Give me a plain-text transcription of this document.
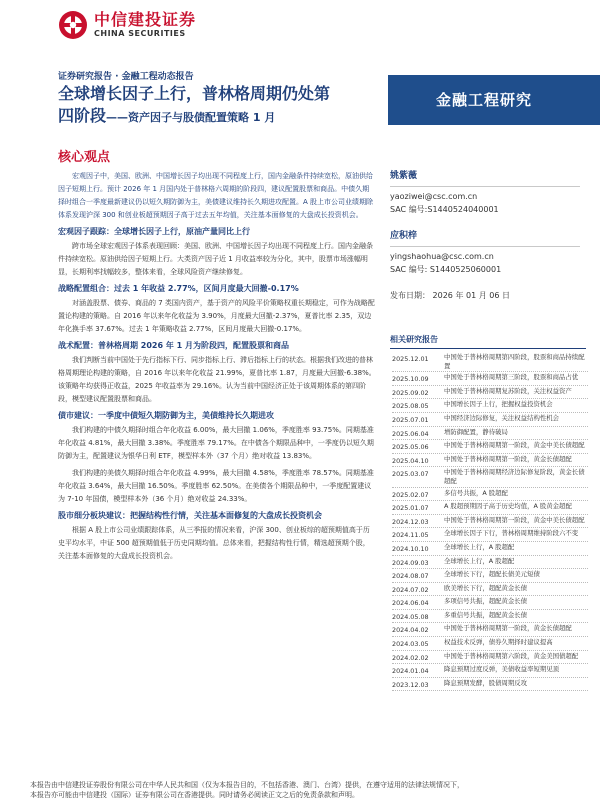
中信建投证券
CHINA SECURITIES
证券研究报告 · 金融工程动态报告
全球增长因子上行，普林格周期仍处第
四阶段——资产因子与股债配置策略 1 月
金融工程研究
核心观点

宏观因子中，美国、欧洲、中国增长因子均出现不同程度上行，国内金融条件持续宽松，原油供给因子短期上行。预计 2026 年 1 月国内处于普林格六周期的阶段四，建议配置股票和商品。中债久期择时组合一季度最新建议仍以短久期防御为主，美债建议维持长久期进攻配置。A 股上市公司业绩期除体系发现沪深 300 和创业板超预期因子高于过去五年均值，关注基本面修复的大盘成长投资机会。

宏观因子跟踪：全球增长因子上行，原油产量同比上行

跨市场全球宏观因子体系表现回顾：美国、欧洲、中国增长因子均出现不同程度上行。国内金融条件持续宽松。原油供给因子短期上行。大类资产因子近 1 月收益率较为分化，其中，股票市场涨幅明显，长期利率找幅较多，整体来看，全球风险资产继续修复。

战略配置组合：过去 1 年收益 2.77%，区间月度最大回撤-0.17%

对涵盖股票、债券、商品的 7 类国内资产，基于资产的风险平价策略权重长期稳定，可作为战略配置论构建的策略。自 2016 年以来年化收益为 3.90%，月度最大回撤-2.37%，夏普比率 2.35，双边年化换手率 37.67%。过去 1 年策略收益 2.77%，区间月度最大回撤-0.17%。

战术配置：普林格周期 2026 年 1 月为阶段四，配置股票和商品

我们判断当前中国处于先行指标下行、同步指标上行、滞后指标上行的状态。根据我们改进的普林格周期理论构建的策略，自 2016 年以来年化收益 21.99%，夏普比率 1.87，月度最大回撤-6.38%。该策略年均获得正收益，2025 年收益率为 29.16%。认为当前中国经济正处于该周期体系的第四阶段，模型建议配置股票和商品。

债市建议：一季度中债短久期防御为主，美债维持长久期进攻

我们构建的中债久期择时组合年化收益 6.00%，最大回撤 1.06%，季度胜率 93.75%。同期基准年化收益 4.81%，最大回撤 3.38%。季度胜率 79.17%。在中债各个期限品种中，一季度仍以短久期防御为主，配置建议为银华日利 ETF，模型样本外（37 个月）绝对收益 13.83%。

我们构建的美债久期择时组合年化收益 4.99%，最大回撤 4.58%，季度胜率 78.57%。同期基准年化收益 3.64%，最大回撤 16.50%。季度胜率 62.50%。在美债各个期限品种中，一季度配置建议为 7-10 年国债，模型样本外（36 个月）绝对收益 24.33%。

股市细分板块建议：把握结构性行情，关注基本面修复的大盘成长投资机会

根据 A 股上市公司业绩跟踪体系，从三季报的情况来看，沪深 300、创业板综的超预期值高于历史平均水平，中证 500 超预期值低于历史同期均值。总体来看，把握结构性行情，精选超预期个股，关注基本面修复的大盘成长投资机会。

姚紫薇
yaoziwei@csc.com.cn
SAC 编号:S1440524040001
应积梓
yingshaohua@csc.com.cn
SAC 编号: S1440525060001
发布日期： 2026 年 01 月 06 日
相关研究报告
2025.12.01	中国处于普林格周期第四阶段，股票和商品持续配置
2025.10.09	中国处于普林格周期第三阶段，股票和商品占优
2025.09.02	中国处于普林格周期复苏阶段，关注权益资产
2025.08.05	中国增长因子上行，把握权益投资机会
2025.07.01	中国经济边际修复，关注权益结构性机会
2025.06.04	增防御配置，静待破局
2025.05.06	中国处于普林格周期第一阶段，黄金中美长债超配
2025.04.10	中国处于普林格周期第一阶段，黄金长债超配
2025.03.07	中国处于普林格周期经济边际修复阶段，黄金长债超配
2025.02.07	多信号共振，A 股超配
2025.01.07	A 股超预期因子高于历史均值，A 股黄金超配
2024.12.03	中国处于普林格周期第一阶段，黄金中美长债超配
2024.11.05	全球增长因子下行，普林格周期维持阶段六不变
2024.10.10	全球增长上行，A 股超配
2024.09.03	全球增长上行，A 股超配
2024.08.07	全球增长下行，超配长债美元短债
2024.07.02	欧美增长下行，超配黄金长债
2024.06.04	多项信号共振，超配黄金长债
2024.05.08	多重信号共振，超配黄金长债
2024.04.02	中国处于普林格周期第一阶段，黄金长债超配
2024.03.05	权益技术反弹，债券久期择时建议提高
2024.02.02	中国处于普林格周期第六阶段，黄金美国债超配
2024.01.04	降息预期过度反弹，美债收益率短期见顶
2023.12.03	降息预期发酵，股债周期反攻
本报告由中信建投证券股份有限公司在中华人民共和国（仅为本报告目的，不包括香港、澳门、台湾）提供，在遵守适用的法律法规情况下，
本报告亦可能由中信建投（国际）证券有限公司在香港提供。同时请务必阅读正文之后的免责条款和声明。
